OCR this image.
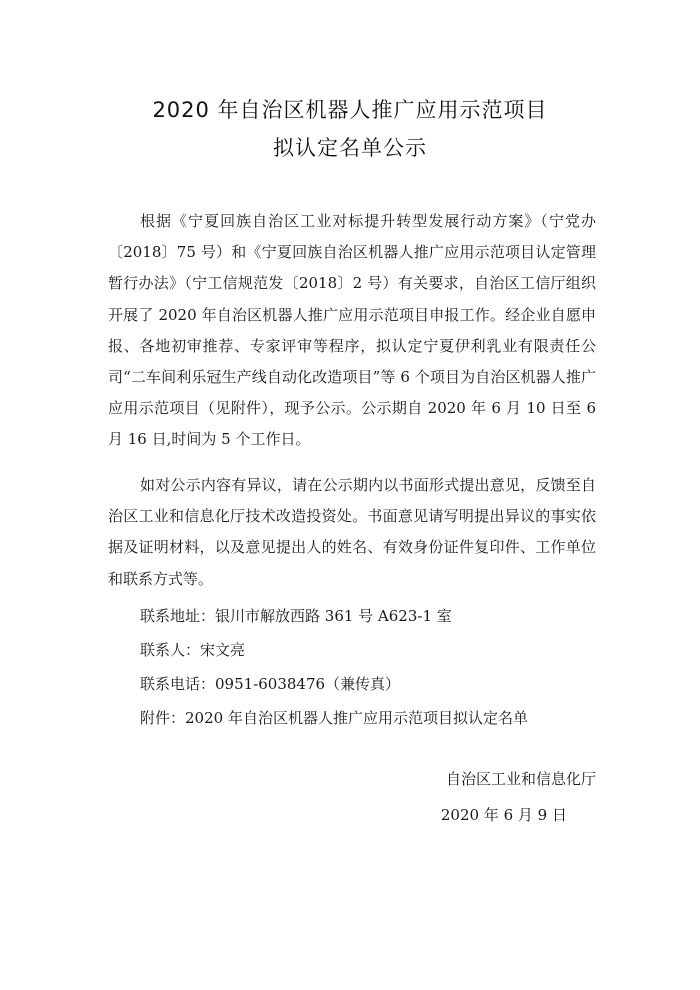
2020 年自治区机器人推广应用示范项目
拟认定名单公示

根据《宁夏回族自治区工业对标提升转型发展行动方案》（宁党办〔2018〕75 号）和《宁夏回族自治区机器人推广应用示范项目认定管理暂行办法》（宁工信规范发〔2018〕2 号）有关要求，自治区工信厅组织开展了 2020 年自治区机器人推广应用示范项目申报工作。经企业自愿申报、各地初审推荐、专家评审等程序，拟认定宁夏伊利乳业有限责任公司“二车间利乐冠生产线自动化改造项目”等 6 个项目为自治区机器人推广应用示范项目（见附件），现予公示。公示期自 2020 年 6 月 10 日至 6 月 16 日,时间为 5 个工作日。

如对公示内容有异议，请在公示期内以书面形式提出意见，反馈至自治区工业和信息化厅技术改造投资处。书面意见请写明提出异议的事实依据及证明材料，以及意见提出人的姓名、有效身份证件复印件、工作单位和联系方式等。

联系地址：银川市解放西路 361 号 A623-1 室
联系人：宋文亮
联系电话：0951-6038476（兼传真）
附件：2020 年自治区机器人推广应用示范项目拟认定名单
自治区工业和信息化厅
2020 年 6 月 9 日
